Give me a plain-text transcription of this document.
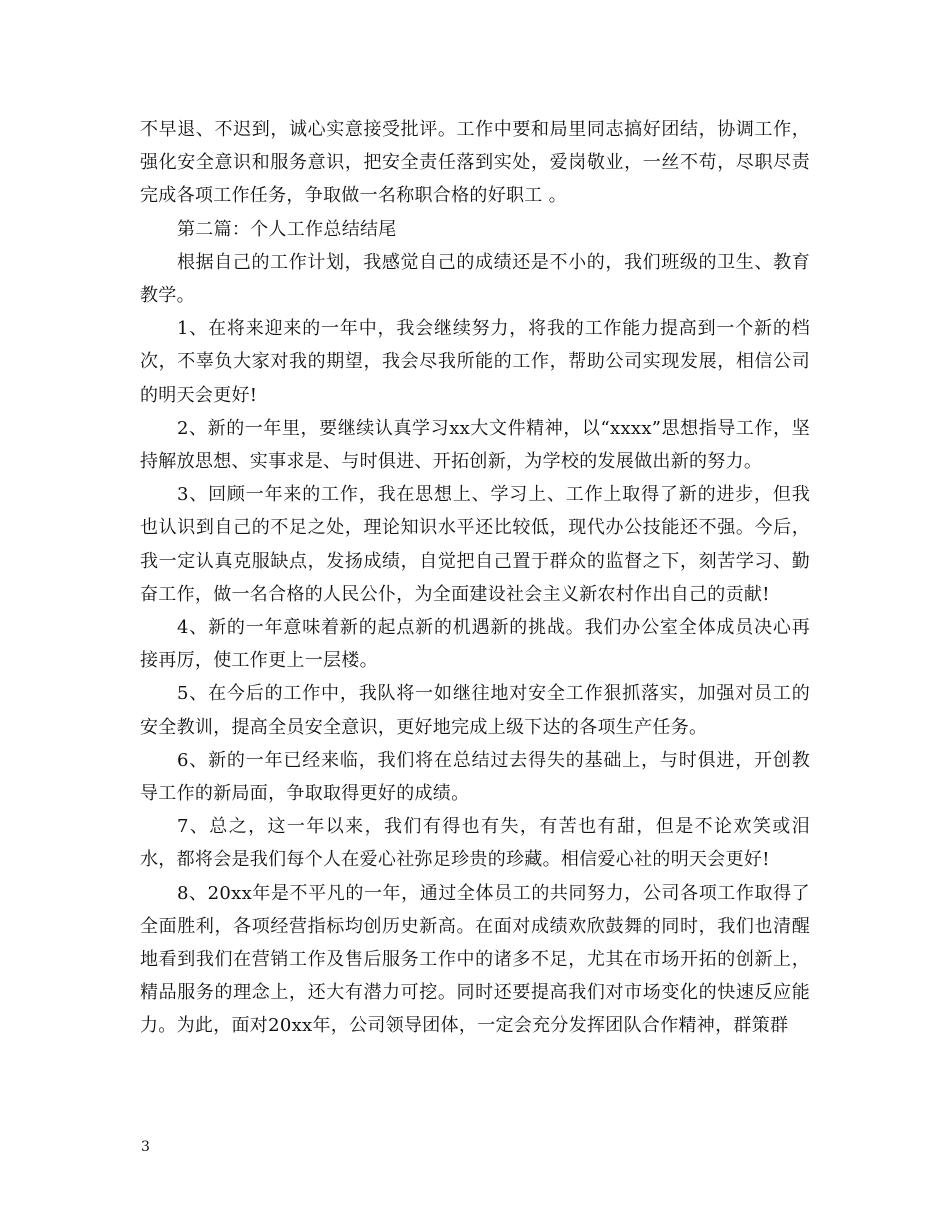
不早退、不迟到，诚心实意接受批评。工作中要和局里同志搞好团结，协调工作，强化安全意识和服务意识，把安全责任落到实处，爱岗敬业，一丝不苟，尽职尽责完成各项工作任务，争取做一名称职合格的好职工 。

第二篇：个人工作总结结尾

根据自己的工作计划，我感觉自己的成绩还是不小的，我们班级的卫生、教育教学。

1、在将来迎来的一年中，我会继续努力，将我的工作能力提高到一个新的档次，不辜负大家对我的期望，我会尽我所能的工作，帮助公司实现发展，相信公司的明天会更好!

2、新的一年里，要继续认真学习xx大文件精神，以“xxxx”思想指导工作，坚持解放思想、实事求是、与时俱进、开拓创新，为学校的发展做出新的努力。

3、回顾一年来的工作，我在思想上、学习上、工作上取得了新的进步，但我也认识到自己的不足之处，理论知识水平还比较低，现代办公技能还不强。今后，我一定认真克服缺点，发扬成绩，自觉把自己置于群众的监督之下，刻苦学习、勤奋工作，做一名合格的人民公仆，为全面建设社会主义新农村作出自己的贡献!

4、新的一年意味着新的起点新的机遇新的挑战。我们办公室全体成员决心再接再厉，使工作更上一层楼。

5、在今后的工作中，我队将一如继往地对安全工作狠抓落实，加强对员工的安全教训，提高全员安全意识，更好地完成上级下达的各项生产任务。

6、新的一年已经来临，我们将在总结过去得失的基础上，与时俱进，开创教导工作的新局面，争取取得更好的成绩。

7、总之，这一年以来，我们有得也有失，有苦也有甜，但是不论欢笑或泪水，都将会是我们每个人在爱心社弥足珍贵的珍藏。相信爱心社的明天会更好!

8、20xx年是不平凡的一年，通过全体员工的共同努力，公司各项工作取得了全面胜利，各项经营指标均创历史新高。在面对成绩欢欣鼓舞的同时，我们也清醒地看到我们在营销工作及售后服务工作中的诸多不足，尤其在市场开拓的创新上，精品服务的理念上，还大有潜力可挖。同时还要提高我们对市场变化的快速反应能力。为此，面对20xx年，公司领导团体，一定会充分发挥团队合作精神，群策群

3
